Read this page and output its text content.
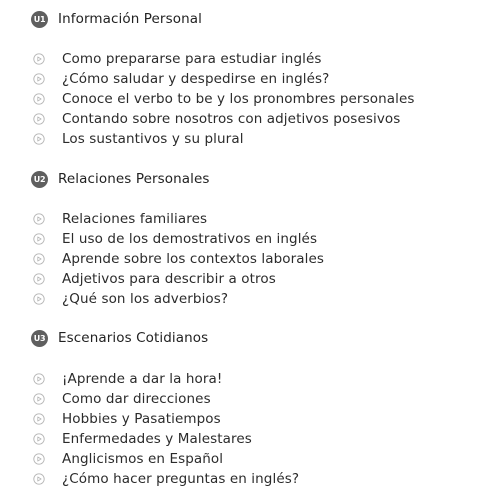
U1 Información Personal
Como prepararse para estudiar inglés
¿Cómo saludar y despedirse en inglés?
Conoce el verbo to be y los pronombres personales
Contando sobre nosotros con adjetivos posesivos
Los sustantivos y su plural
U2 Relaciones Personales
Relaciones familiares
El uso de los demostrativos en inglés
Aprende sobre los contextos laborales
Adjetivos para describir a otros
¿Qué son los adverbios?
U3 Escenarios Cotidianos
¡Aprende a dar la hora!
Como dar direcciones
Hobbies y Pasatiempos
Enfermedades y Malestares
Anglicismos en Español
¿Cómo hacer preguntas en inglés?
